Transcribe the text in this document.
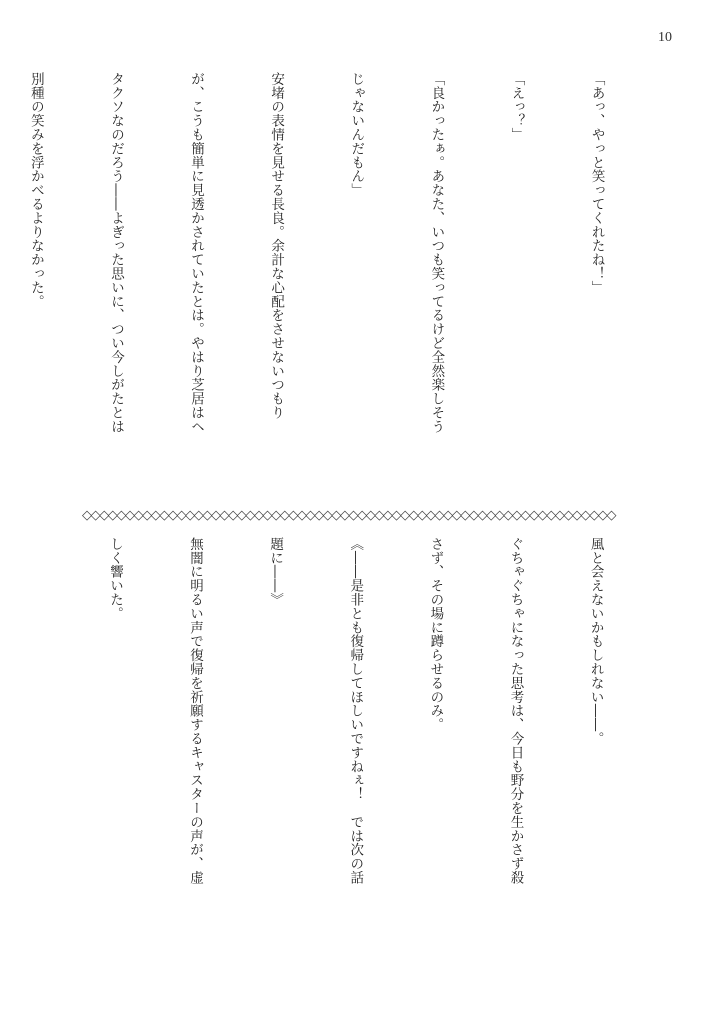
10

「あっ、やっと笑ってくれたね！」

「えっ？」

「良かったぁ。あなた、いつも笑ってるけど全然楽しそう

じゃないんだもん」

安堵の表情を見せる長良。余計な心配をさせないつもり

が、こうも簡単に見透かされていたとは。やはり芝居はヘ

タクソなのだろう――よぎった思いに、つい今しがたとは

別種の笑みを浮かべるよりなかった。

◇◇◇◇◇◇◇◇◇◇◇◇◇◇◇◇◇◇◇◇◇◇◇◇◇◇◇◇◇◇◇◇◇◇◇◇◇◇◇◇◇◇◇◇◇◇◇◇◇◇◇◇◇◇◇◇◇◇◇◇◇◇

風と会えないかもしれない――。

ぐちゃぐちゃになった思考は、今日も野分を生かさず殺

さず、その場に蹲らせるのみ。

《――是非とも復帰してほしいですねぇ！　では次の話

題に――》

無闇に明るい声で復帰を祈願するキャスターの声が、虚

しく響いた。
